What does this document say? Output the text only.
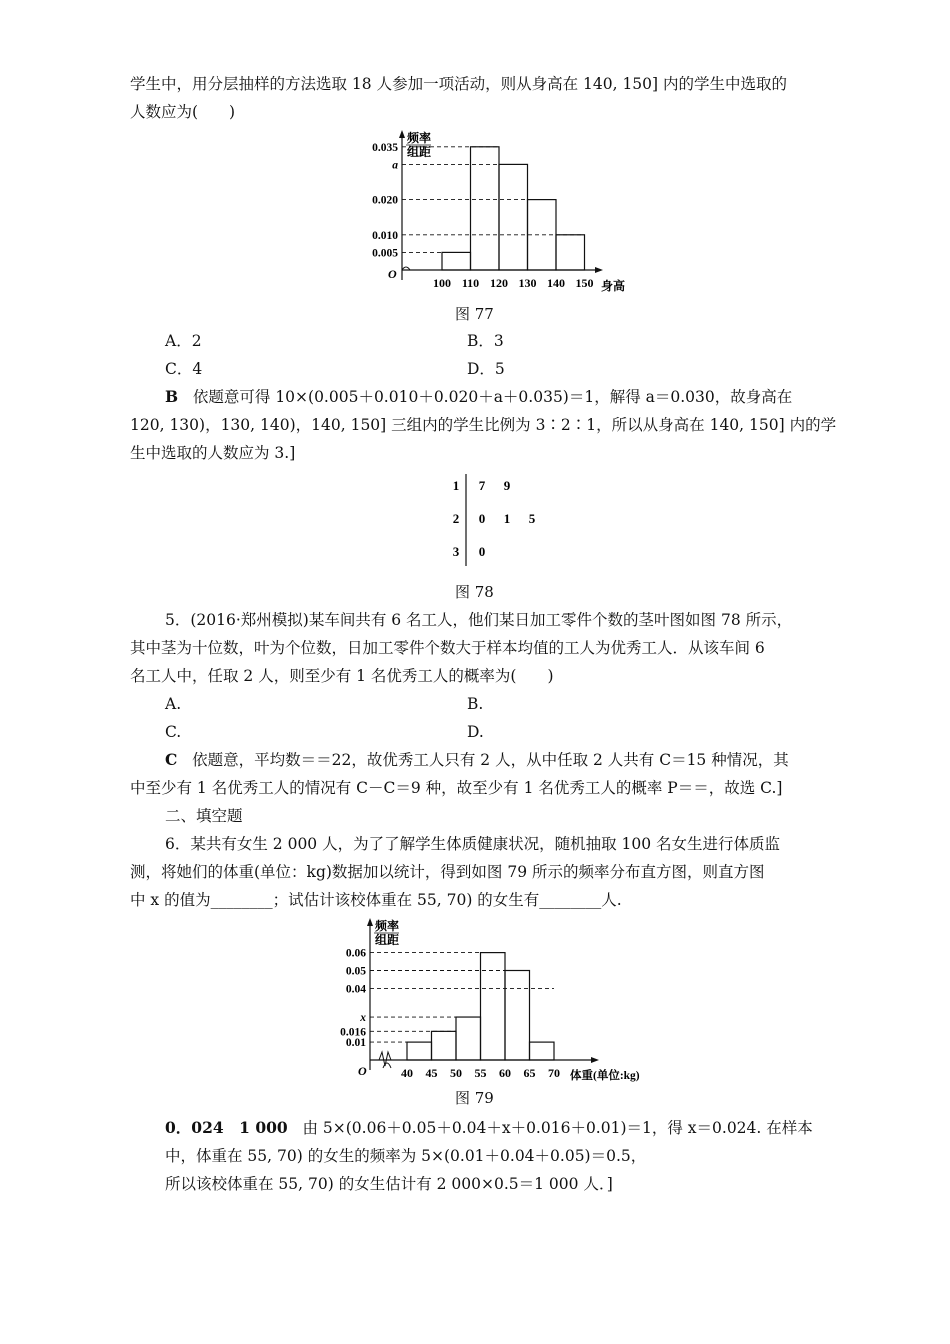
学生中，用分层抽样的方法选取 18 人参加一项活动，则从身高在 140, 150] 内的学生中选取的
人数应为(　　)
0.035
a
0.020
0.010
0.005
100 110 120 130 140 150
频率
组距
O
身高
图 77
A．2	B．3
C．4	D．5
B 依题意可得 10×(0.005＋0.010＋0.020＋a＋0.035)＝1，解得 a＝0.030，故身高在
120, 130)，130, 140)，140, 150] 三组内的学生比例为 3∶2∶1，所以从身高在 140, 150] 内的学
生中选取的人数应为 3.]
1 7 9
2 0 1 5
3 0
图 78
5．(2016·郑州模拟)某车间共有 6 名工人，他们某日加工零件个数的茎叶图如图 78 所示，
其中茎为十位数，叶为个位数，日加工零件个数大于样本均值的工人为优秀工人．从该车间 6
名工人中，任取 2 人，则至少有 1 名优秀工人的概率为(　　)
A.	B.
C.	D.
C 依题意，平均数＝＝22，故优秀工人只有 2 人，从中任取 2 人共有 C＝15 种情况，其
中至少有 1 名优秀工人的情况有 C－C＝9 种，故至少有 1 名优秀工人的概率 P＝＝，故选 C.]
二、填空题
6．某共有女生 2 000 人，为了了解学生体质健康状况，随机抽取 100 名女生进行体质监
测，将她们的体重(单位：kg)数据加以统计，得到如图 79 所示的频率分布直方图，则直方图
中 x 的值为________；试估计该校体重在 55, 70) 的女生有________人.
0.06
0.05
0.04
x
0.016
0.01
40 45 50 55 60 65 70
频率
组距
O	体重(单位:kg)
图 79
0．024　1 000 由 5×(0.06＋0.05＋0.04＋x＋0.016＋0.01)＝1，得 x＝0.024. 在样本
中，体重在 55, 70) 的女生的频率为 5×(0.01＋0.04＋0.05)＝0.5，
所以该校体重在 55, 70) 的女生估计有 2 000×0.5＝1 000 人．]
